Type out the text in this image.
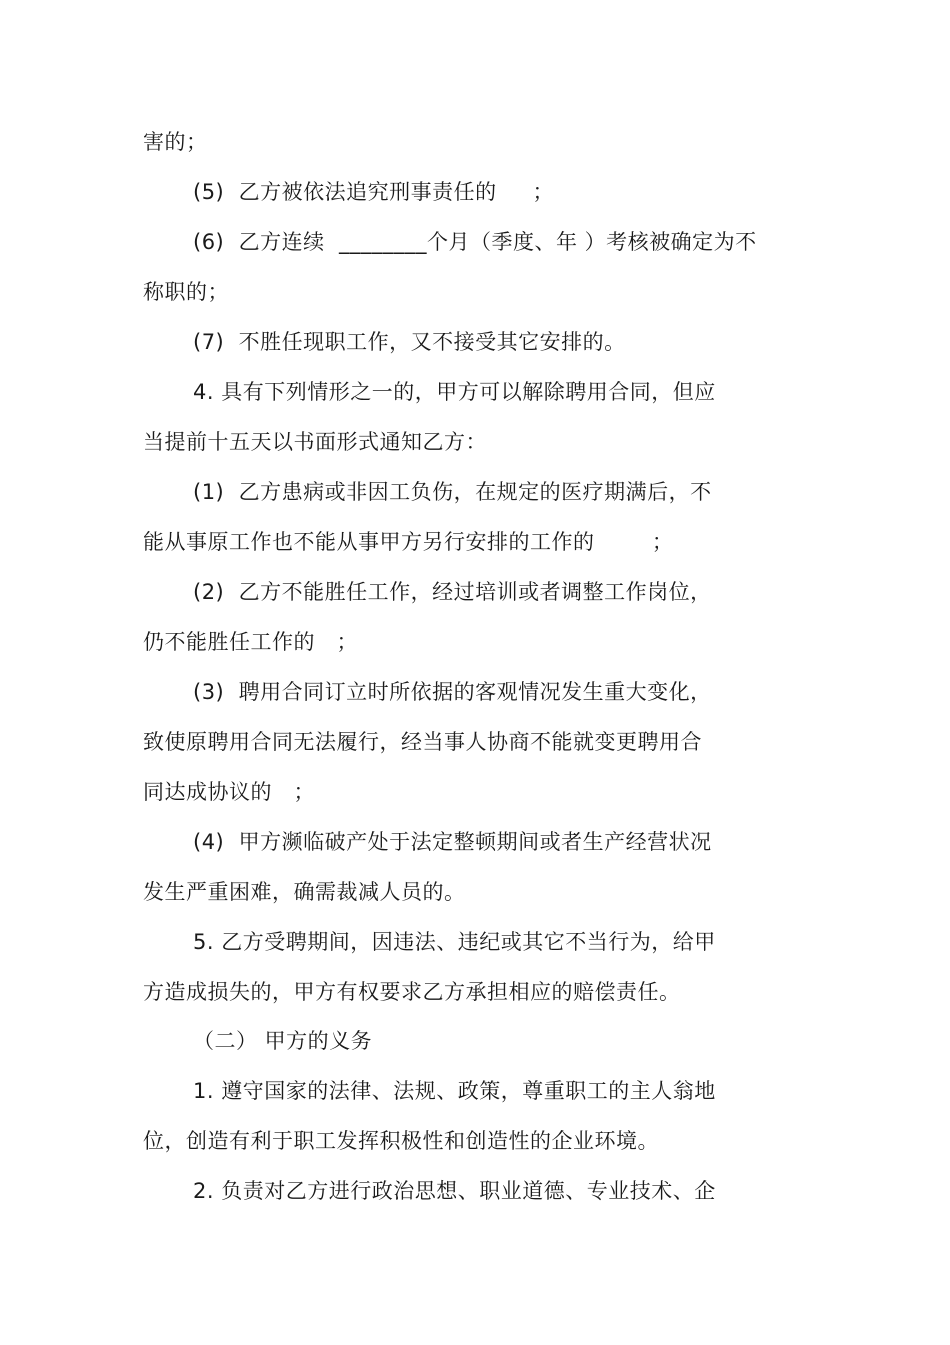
害的；
(5)  乙方被依法追究刑事责任的     ；
(6)  乙方连续  ________个月（季度、年 ）考核被确定为不
称职的；
(7)  不胜任现职工作，又不接受其它安排的。
4. 具有下列情形之一的，甲方可以解除聘用合同，但应
当提前十五天以书面形式通知乙方：
(1)  乙方患病或非因工负伤，在规定的医疗期满后，不
能从事原工作也不能从事甲方另行安排的工作的        ；
(2)  乙方不能胜任工作，经过培训或者调整工作岗位，
仍不能胜任工作的   ；
(3)  聘用合同订立时所依据的客观情况发生重大变化，
致使原聘用合同无法履行，经当事人协商不能就变更聘用合
同达成协议的   ；
(4)  甲方濒临破产处于法定整顿期间或者生产经营状况
发生严重困难，确需裁减人员的。
5. 乙方受聘期间，因违法、违纪或其它不当行为，给甲
方造成损失的，甲方有权要求乙方承担相应的赔偿责任。
（二） 甲方的义务
1. 遵守国家的法律、法规、政策，尊重职工的主人翁地
位，创造有利于职工发挥积极性和创造性的企业环境。
2. 负责对乙方进行政治思想、职业道德、专业技术、企
